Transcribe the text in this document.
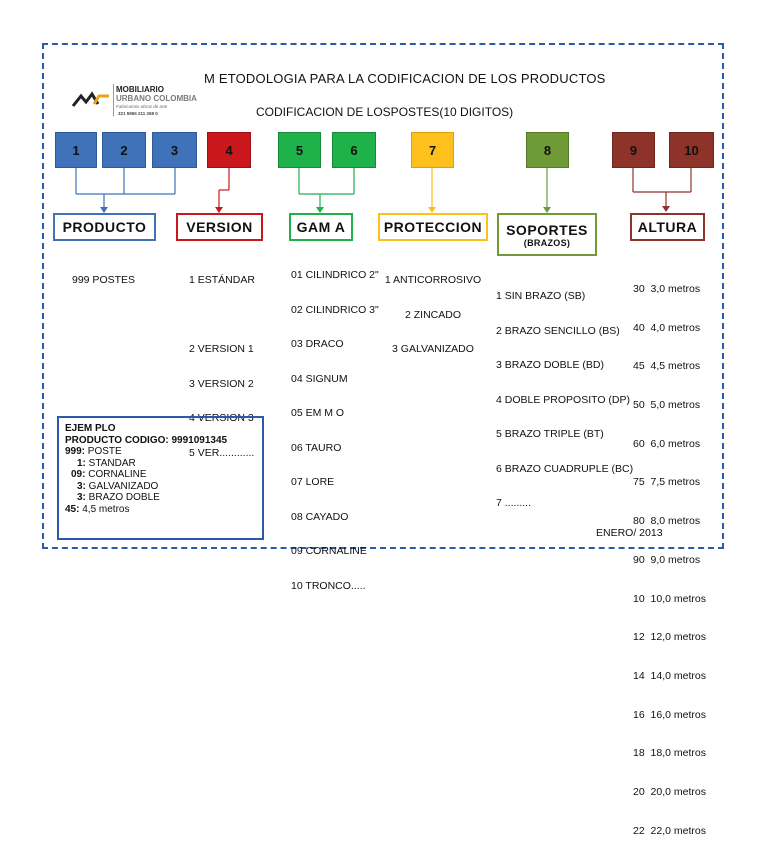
MOBILIARIO
URBANO COLOMBIA
Fabricamos obras de arte
321 5965 211 268 0
M ETODOLOGIA PARA LA CODIFICACION DE LOS PRODUCTOS
CODIFICACION DE LOSPOSTES(10 DIGITOS)
1	2	3	4	5	6	7	8	9	10
PRODUCTO	VERSION	GAM A	PROTECCION	SOPORTES
(BRAZOS)
ALTURA

999 POSTES

	1 ESTÁNDAR

2 VERSION 1

3 VERSION 2

4 VERSION 3

5 VER............

01 CILINDRICO 2"

02 CILINDRICO 3"

03 DRACO

04 SIGNUM

05 EM M O

06 TAURO

07 LORE

08 CAYADO

09 CORNALINE

10 TRONCO.....

1 ANTICORROSIVO

2 ZINCADO

3 GALVANIZADO

1 SIN BRAZO (SB)

2 BRAZO SENCILLO (BS)

3 BRAZO DOBLE (BD)

4 DOBLE PROPOSITO (DP)

5 BRAZO TRIPLE (BT)

6 BRAZO CUADRUPLE (BC)

7 .........

30  3,0 metros

40  4,0 metros

45  4,5 metros

50  5,0 metros

60  6,0 metros

75  7,5 metros

80  8,0 metros

90  9,0 metros

10  10,0 metros

12  12,0 metros

14  14,0 metros

16  16,0 metros

18  18,0 metros

20  20,0 metros

22  22,0 metros

EJEM PLO
PRODUCTO CODIGO: 9991091345
999: POSTE
1: STANDAR
09: CORNALINE
3: GALVANIZADO
3: BRAZO DOBLE
45: 4,5 metros
ENERO/ 2013
